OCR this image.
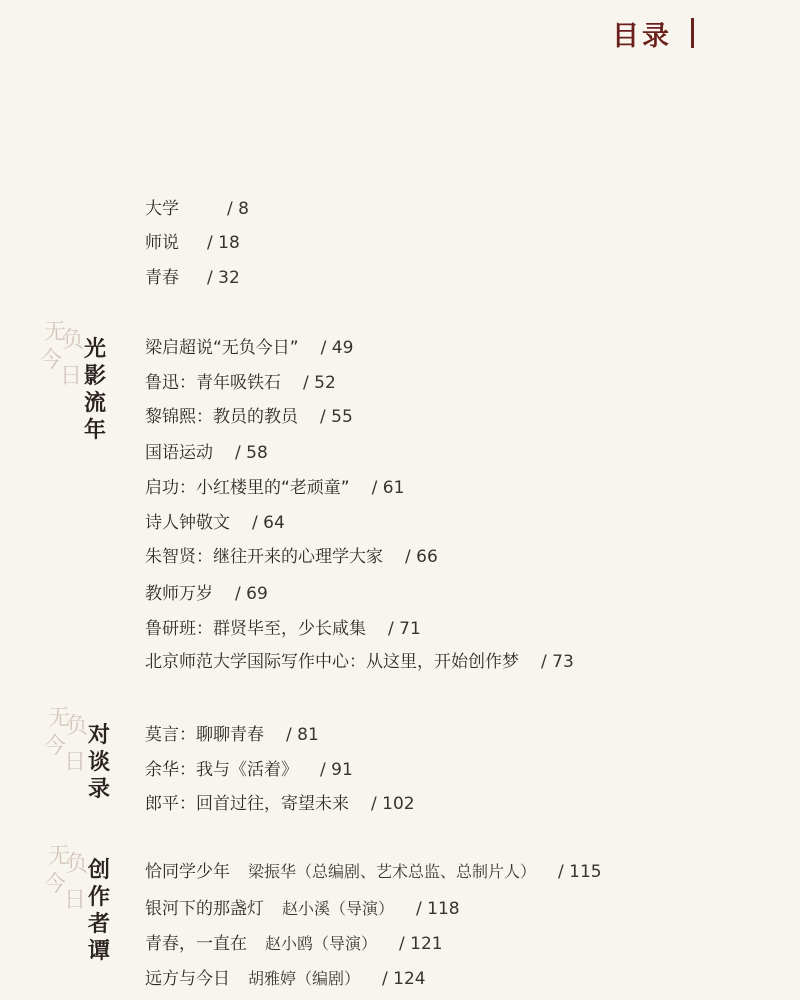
目录
大学	/ 8
师说 / 18
青春 / 32
无
负
今
日
光影流年
梁启超说“无负今日” / 49
鲁迅：青年吸铁石 / 52
黎锦熙：教员的教员 / 55
国语运动 / 58
启功：小红楼里的“老顽童” / 61
诗人钟敬文 / 64
朱智贤：继往开来的心理学大家 / 66
教师万岁 / 69
鲁研班：群贤毕至，少长咸集 / 71
北京师范大学国际写作中心：从这里，开始创作梦 / 73
无
负
今
日
对谈录
莫言：聊聊青春 / 81
余华：我与《活着》 / 91
郎平：回首过往，寄望未来 / 102
无
负
今
日
创作者谭
恰同学少年 梁振华（总编剧、艺术总监、总制片人） / 115
银河下的那盏灯 赵小溪（导演） / 118
青春，一直在 赵小鸥（导演） / 121
远方与今日 胡雅婷（编剧） / 124
